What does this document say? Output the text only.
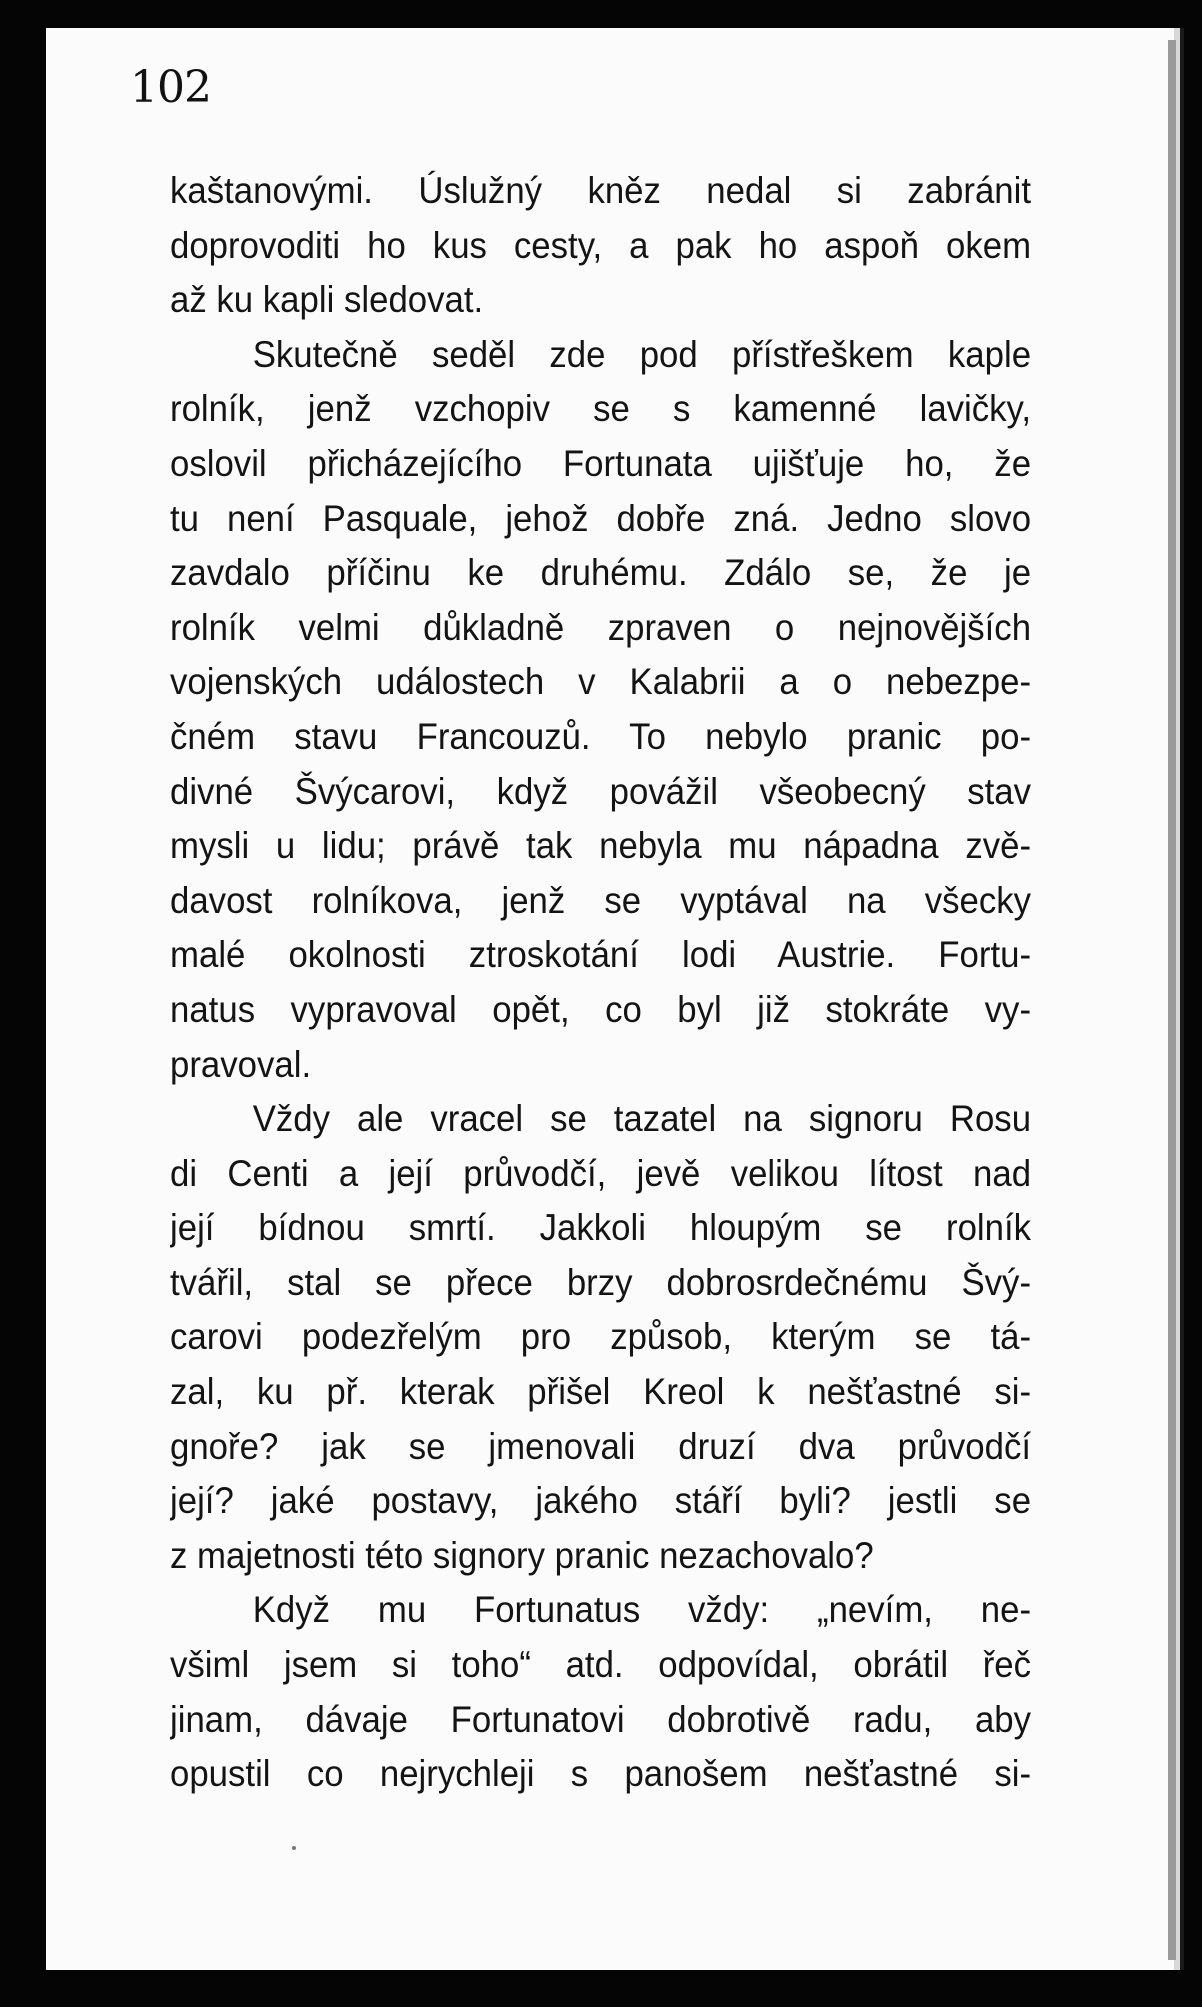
102
kaštanovými. Úslužný kněz nedal si zabránit
doprovoditi ho kus cesty, a pak ho aspoň okem
až ku kapli sledovat.
Skutečně seděl zde pod přístřeškem kaple
rolník, jenž vzchopiv se s kamenné lavičky,
oslovil přicházejícího Fortunata ujišťuje ho, že
tu není Pasquale, jehož dobře zná. Jedno slovo
zavdalo příčinu ke druhému. Zdálo se, že je
rolník velmi důkladně zpraven o nejnovějších
vojenských událostech v Kalabrii a o nebezpe-
čném stavu Francouzů. To nebylo pranic po-
divné Švýcarovi, když povážil všeobecný stav
mysli u lidu; právě tak nebyla mu nápadna zvě-
davost rolníkova, jenž se vyptával na všecky
malé okolnosti ztroskotání lodi Austrie. Fortu-
natus vypravoval opět, co byl již stokráte vy-
pravoval.
Vždy ale vracel se tazatel na signoru Rosu
di Centi a její průvodčí, jevě velikou lítost nad
její bídnou smrtí. Jakkoli hloupým se rolník
tvářil, stal se přece brzy dobrosrdečnému Švý-
carovi podezřelým pro způsob, kterým se tá-
zal, ku př. kterak přišel Kreol k nešťastné si-
gnoře? jak se jmenovali druzí dva průvodčí
její? jaké postavy, jakého stáří byli? jestli se
z majetnosti této signory pranic nezachovalo?
Když mu Fortunatus vždy: „nevím, ne-
všiml jsem si toho“ atd. odpovídal, obrátil řeč
jinam, dávaje Fortunatovi dobrotivě radu, aby
opustil co nejrychleji s panošem nešťastné si-
